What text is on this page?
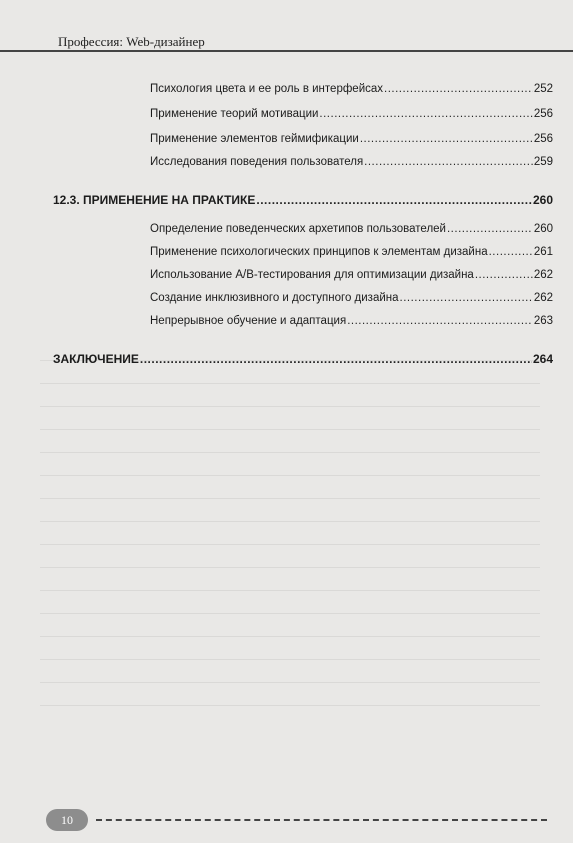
Профессия: Web-дизайнер
Психология цвета и ее роль в интерфейсах .....	252
Применение теорий мотивации .....	256
Применение элементов геймификации .....	256
Исследования поведения пользователя .....	259
12.3. ПРИМЕНЕНИЕ НА ПРАКТИКЕ .....	260
Определение поведенческих архетипов пользователей .....	260
Применение психологических принципов к элементам дизайна .....	261
Использование A/B-тестирования для оптимизации дизайна .....	262
Создание инклюзивного и доступного дизайна .....	262
Непрерывное обучение и адаптация .....	263
ЗАКЛЮЧЕНИЕ .....	264
10
